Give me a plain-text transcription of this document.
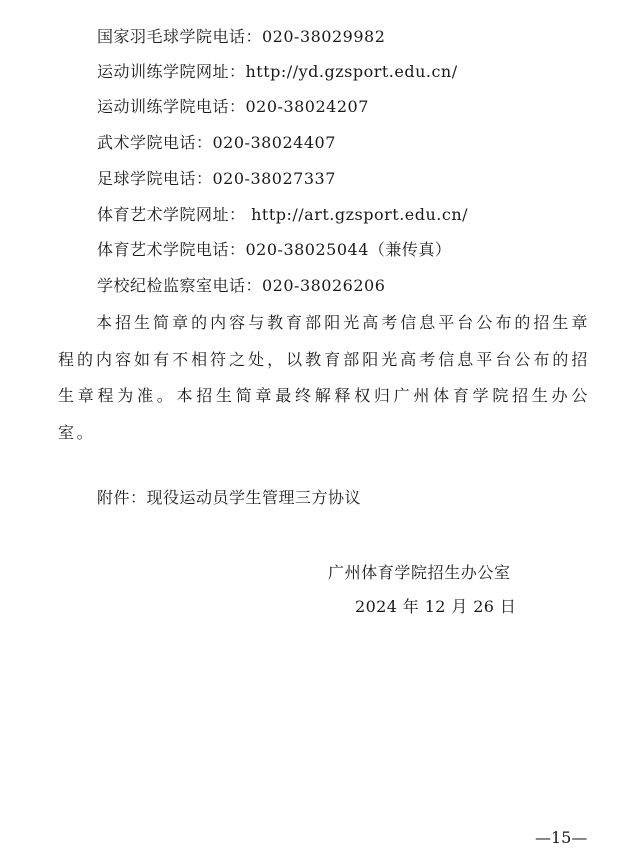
国家羽毛球学院电话：020-38029982
运动训练学院网址：http://yd.gzsport.edu.cn/
运动训练学院电话：020-38024207
武术学院电话：020-38024407
足球学院电话：020-38027337
体育艺术学院网址： http://art.gzsport.edu.cn/
体育艺术学院电话：020-38025044（兼传真）
学校纪检监察室电话：020-38026206
本招生简章的内容与教育部阳光高考信息平台公布的招生章程的内容如有不相符之处，以教育部阳光高考信息平台公布的招生章程为准。本招生简章最终解释权归广州体育学院招生办公室。
附件：现役运动员学生管理三方协议
广州体育学院招生办公室
2024 年 12 月 26 日
—15—
